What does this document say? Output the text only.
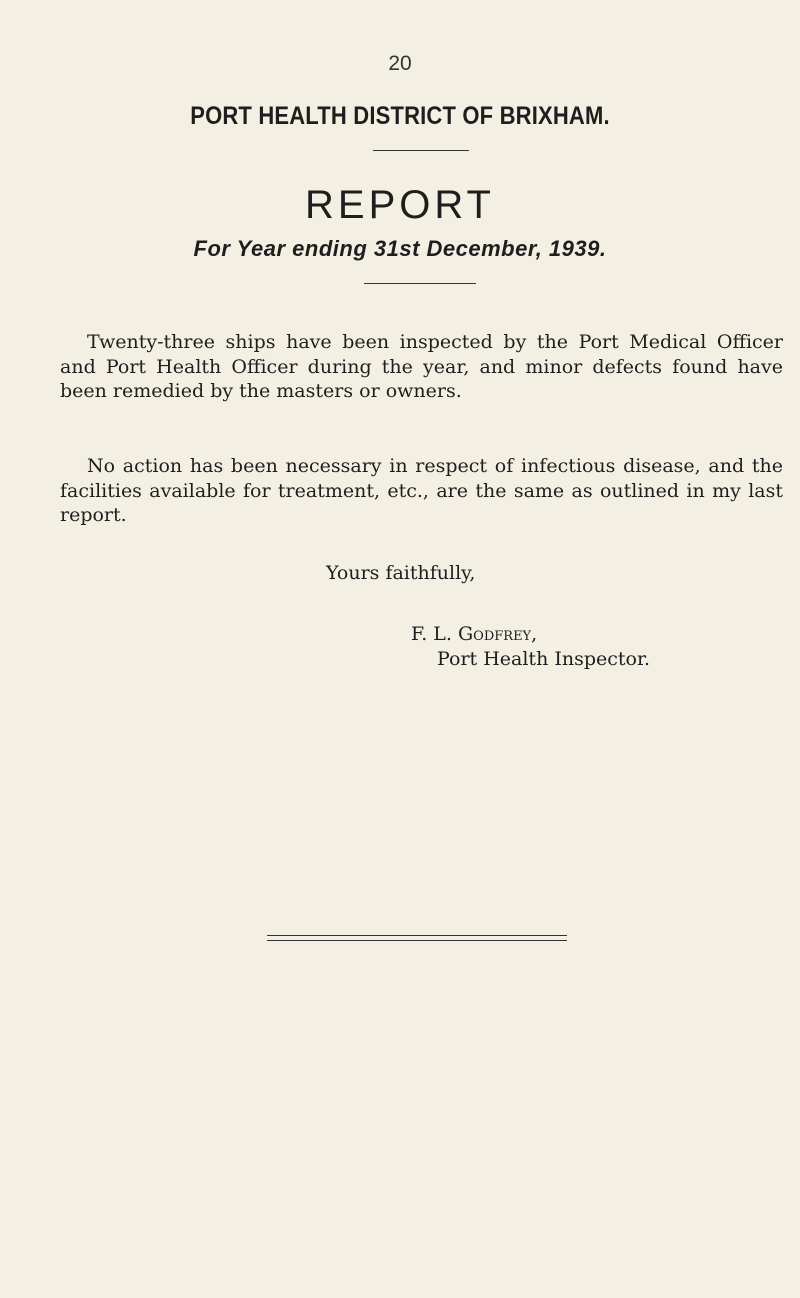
20
PORT HEALTH DISTRICT OF BRIXHAM.
REPORT
For Year ending 31st December, 1939.

Twenty-three ships have been inspected by the Port Medical Officer and Port Health Officer during the year, and minor defects found have been remedied by the masters or owners.

No action has been necessary in respect of infectious disease, and the facilities available for treatment, etc., are the same as outlined in my last report.

Yours faithfully,
F. L. Godfrey,
Port Health Inspector.
